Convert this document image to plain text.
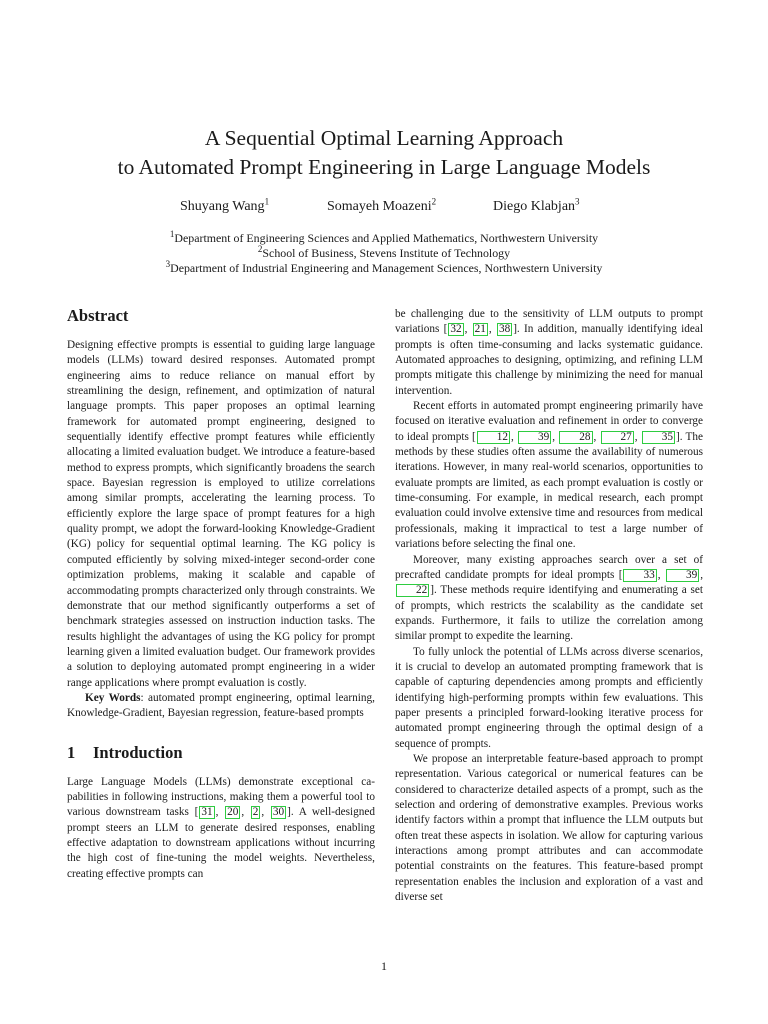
A Sequential Optimal Learning Approach
to Automated Prompt Engineering in Large Language Models
Shuyang Wang$^1$	Somayeh Moazeni$^2$	Diego Klabjan$^3$
$^1$Department of Engineering Sciences and Applied Mathematics, Northwestern University
$^2$School of Business, Stevens Institute of Technology
$^3$Department of Industrial Engineering and Management Sciences, Northwestern University
Abstract

Designing effective prompts is essential to guiding large language models (LLMs) toward desired responses. Automated prompt engineering aims to reduce reliance on manual effort by streamlining the design, refinement, and optimization of natural language prompts. This paper proposes an optimal learning framework for automated prompt engineering, designed to sequentially identify effective prompt features while efficiently allocating a limited evaluation budget. We introduce a feature-based method to express prompts, which significantly broadens the search space. Bayesian regression is employed to utilize correlations among similar prompts, accelerating the learning process. To efficiently explore the large space of prompt features for a high quality prompt, we adopt the forward-looking Knowledge-Gradient (KG) policy for sequential optimal learning. The KG policy is computed efficiently by solving mixed-integer second-order cone optimization problems, making it scalable and capable of accommodating prompts characterized only through constraints. We demonstrate that our method significantly outperforms a set of benchmark strategies assessed on instruction induction tasks. The results highlight the advantages of using the KG policy for prompt learning given a limited evaluation budget. Our framework provides a solution to deploying automated prompt engineering in a wider range applications where prompt evaluation is costly.

Key Words: automated prompt engineering, optimal learning, Knowledge-Gradient, Bayesian regression, feature-based prompts

1 Introduction

Large Language Models (LLMs) demonstrate exceptional capabilities in following instructions, making them a powerful tool to various downstream tasks [ 31 , 20 , 2 , 30 ]. A well-designed prompt steers an LLM to generate desired responses, enabling effective adaptation to downstream applications without incurring the high cost of fine-tuning the model weights. Nevertheless, creating effective prompts can

be challenging due to the sensitivity of LLM outputs to prompt variations [ 32 , 21 , 38 ]. In addition, manually identifying ideal prompts is often time-consuming and lacks systematic guidance. Automated approaches to designing, optimizing, and refining LLM prompts mitigate this challenge by minimizing the need for manual intervention.

Recent efforts in automated prompt engineering primarily have focused on iterative evaluation and refinement in order to converge to ideal prompts [ 12 , 39 , 28 , 27 , 35 ]. The methods by these studies often assume the availability of numerous iterations. However, in many real-world scenarios, opportunities to evaluate prompts are limited, as each prompt evaluation is costly or time-consuming. For example, in medical research, each prompt evaluation could involve extensive time and resources from medical professionals, making it impractical to test a large number of variations before selecting the final one.

Moreover, many existing approaches search over a set of precrafted candidate prompts for ideal prompts [ 33 , 39 , 22 ]. These methods require identifying and enumerating a set of prompts, which restricts the scalability as the candidate set expands. Furthermore, it fails to utilize the correlation among similar prompt to expedite the learning.

To fully unlock the potential of LLMs across diverse scenarios, it is crucial to develop an automated prompting framework that is capable of capturing dependencies among prompts and efficiently identifying high-performing prompts within few evaluations. This paper presents a principled forward-looking iterative process for automated prompt engineering through the optimal design of a sequence of prompts.

We propose an interpretable feature-based approach to prompt representation. Various categorical or numerical features can be considered to characterize detailed aspects of a prompt, such as the selection and ordering of demonstrative examples. Previous works identify factors within a prompt that influence the LLM outputs but often treat these aspects in isolation. We allow for capturing various interactions among prompt attributes and can accommodate potential constraints on the features. This feature-based prompt representation enables the inclusion and exploration of a vast and diverse set

1
